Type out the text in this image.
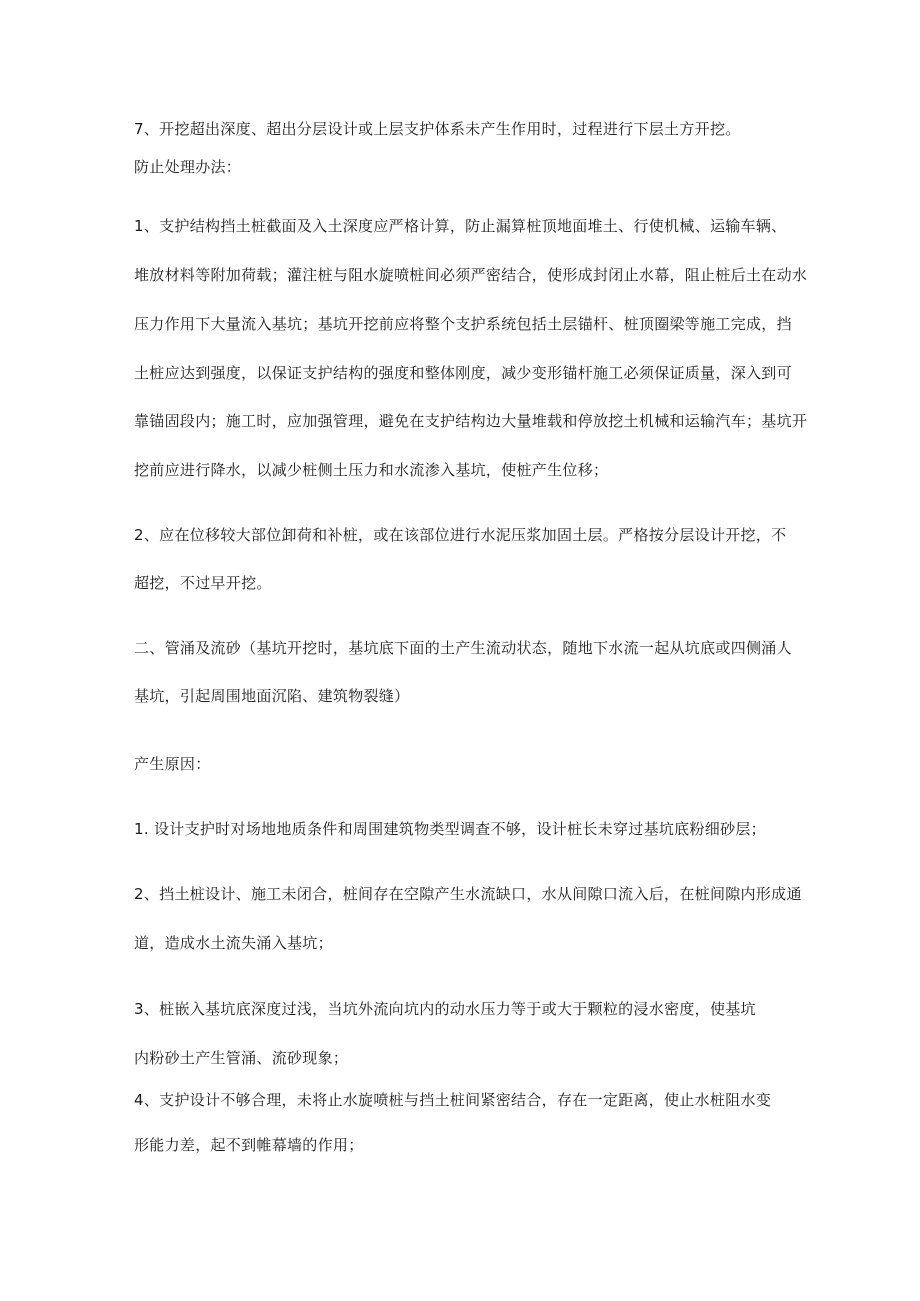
7、开挖超出深度、超出分层设计或上层支护体系未产生作用时，过程进行下层土方开挖。
防止处理办法：
1、支护结构挡土桩截面及入土深度应严格计算，防止漏算桩顶地面堆土、行使机械、运输车辆、
堆放材料等附加荷载；灌注桩与阻水旋喷桩间必须严密结合，使形成封闭止水幕，阻止桩后土在动水
压力作用下大量流入基坑；基坑开挖前应将整个支护系统包括土层锚杆、桩顶圈梁等施工完成，挡
土桩应达到强度，以保证支护结构的强度和整体刚度，减少变形锚杆施工必须保证质量，深入到可
靠锚固段内；施工时，应加强管理，避免在支护结构边大量堆载和停放挖土机械和运输汽车；基坑开
挖前应进行降水，以减少桩侧土压力和水流渗入基坑，使桩产生位移；
2、应在位移较大部位卸荷和补桩，或在该部位进行水泥压浆加固土层。严格按分层设计开挖，不
超挖，不过早开挖。
二、管涌及流砂（基坑开挖时，基坑底下面的土产生流动状态，随地下水流一起从坑底或四侧涌人
基坑，引起周围地面沉陷、建筑物裂缝）
产生原因：
1. 设计支护时对场地地质条件和周围建筑物类型调查不够，设计桩长未穿过基坑底粉细砂层；
2、挡土桩设计、施工未闭合，桩间存在空隙产生水流缺口，水从间隙口流入后，在桩间隙内形成通
道，造成水土流失涌入基坑；
3、桩嵌入基坑底深度过浅，当坑外流向坑内的动水压力等于或大于颗粒的浸水密度，使基坑
内粉砂土产生管涌、流砂现象；
4、支护设计不够合理，未将止水旋喷桩与挡土桩间紧密结合，存在一定距离，使止水桩阻水变
形能力差，起不到帷幕墙的作用；
